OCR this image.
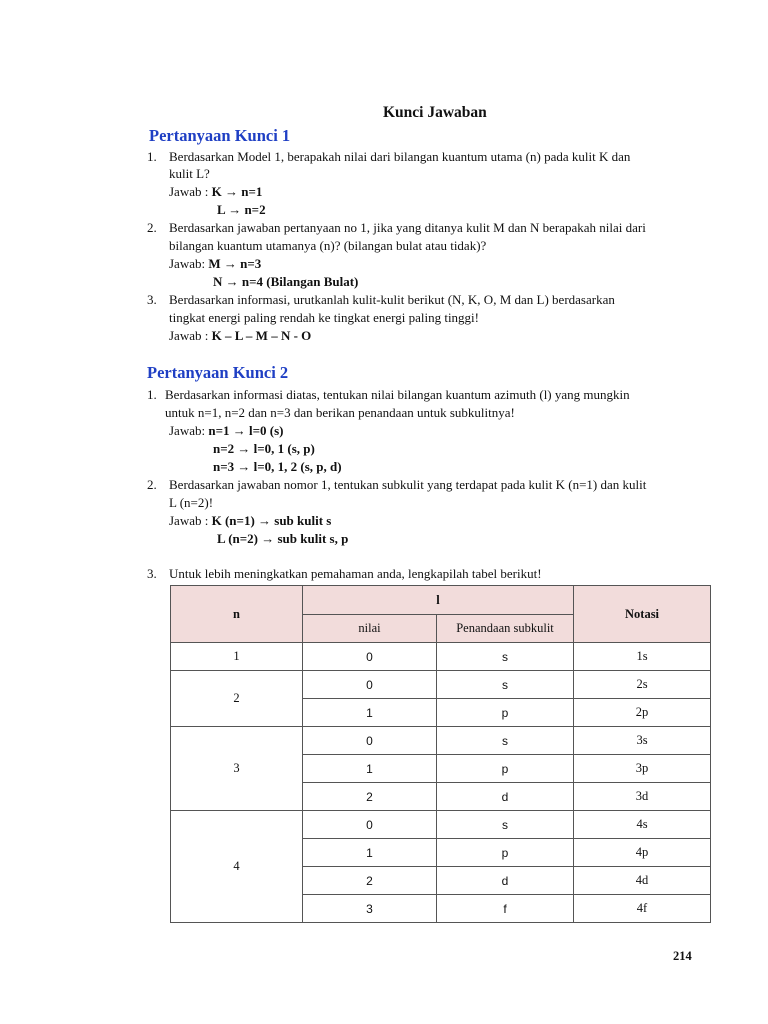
Kunci Jawaban
Pertanyaan Kunci 1
1. Berdasarkan Model 1, berapakah nilai dari bilangan kuantum utama (n) pada kulit K dan
kulit L?
Jawab : K → n=1
L → n=2
2. Berdasarkan jawaban pertanyaan no 1, jika yang ditanya kulit M dan N berapakah nilai dari
bilangan kuantum utamanya (n)? (bilangan bulat atau tidak)?
Jawab: M → n=3
N → n=4 (Bilangan Bulat)
3. Berdasarkan informasi, urutkanlah kulit-kulit berikut (N, K, O, M dan L) berdasarkan
tingkat energi paling rendah ke tingkat energi paling tinggi!
Jawab : K – L – M – N - O
Pertanyaan Kunci 2
1. Berdasarkan informasi diatas, tentukan nilai bilangan kuantum azimuth (l) yang mungkin
untuk n=1, n=2 dan n=3 dan berikan penandaan untuk subkulitnya!
Jawab: n=1 → l=0 (s)
n=2 → l=0, 1 (s, p)
n=3 → l=0, 1, 2 (s, p, d)
2. Berdasarkan jawaban nomor 1, tentukan subkulit yang terdapat pada kulit K (n=1) dan kulit
L (n=2)!
Jawab : K (n=1) → sub kulit s
L (n=2) → sub kulit s, p
3. Untuk lebih meningkatkan pemahaman anda, lengkapilah tabel berikut!
n	l		Notasi
	nilai	Penandaan subkulit	
1	0	s	1s
2	0	s	2s
	1	p	2p
3	0	s	3s
	1	p	3p
	2	d	3d
4	0	s	4s
	1	p	4p
	2	d	4d
	3	f	4f
214
